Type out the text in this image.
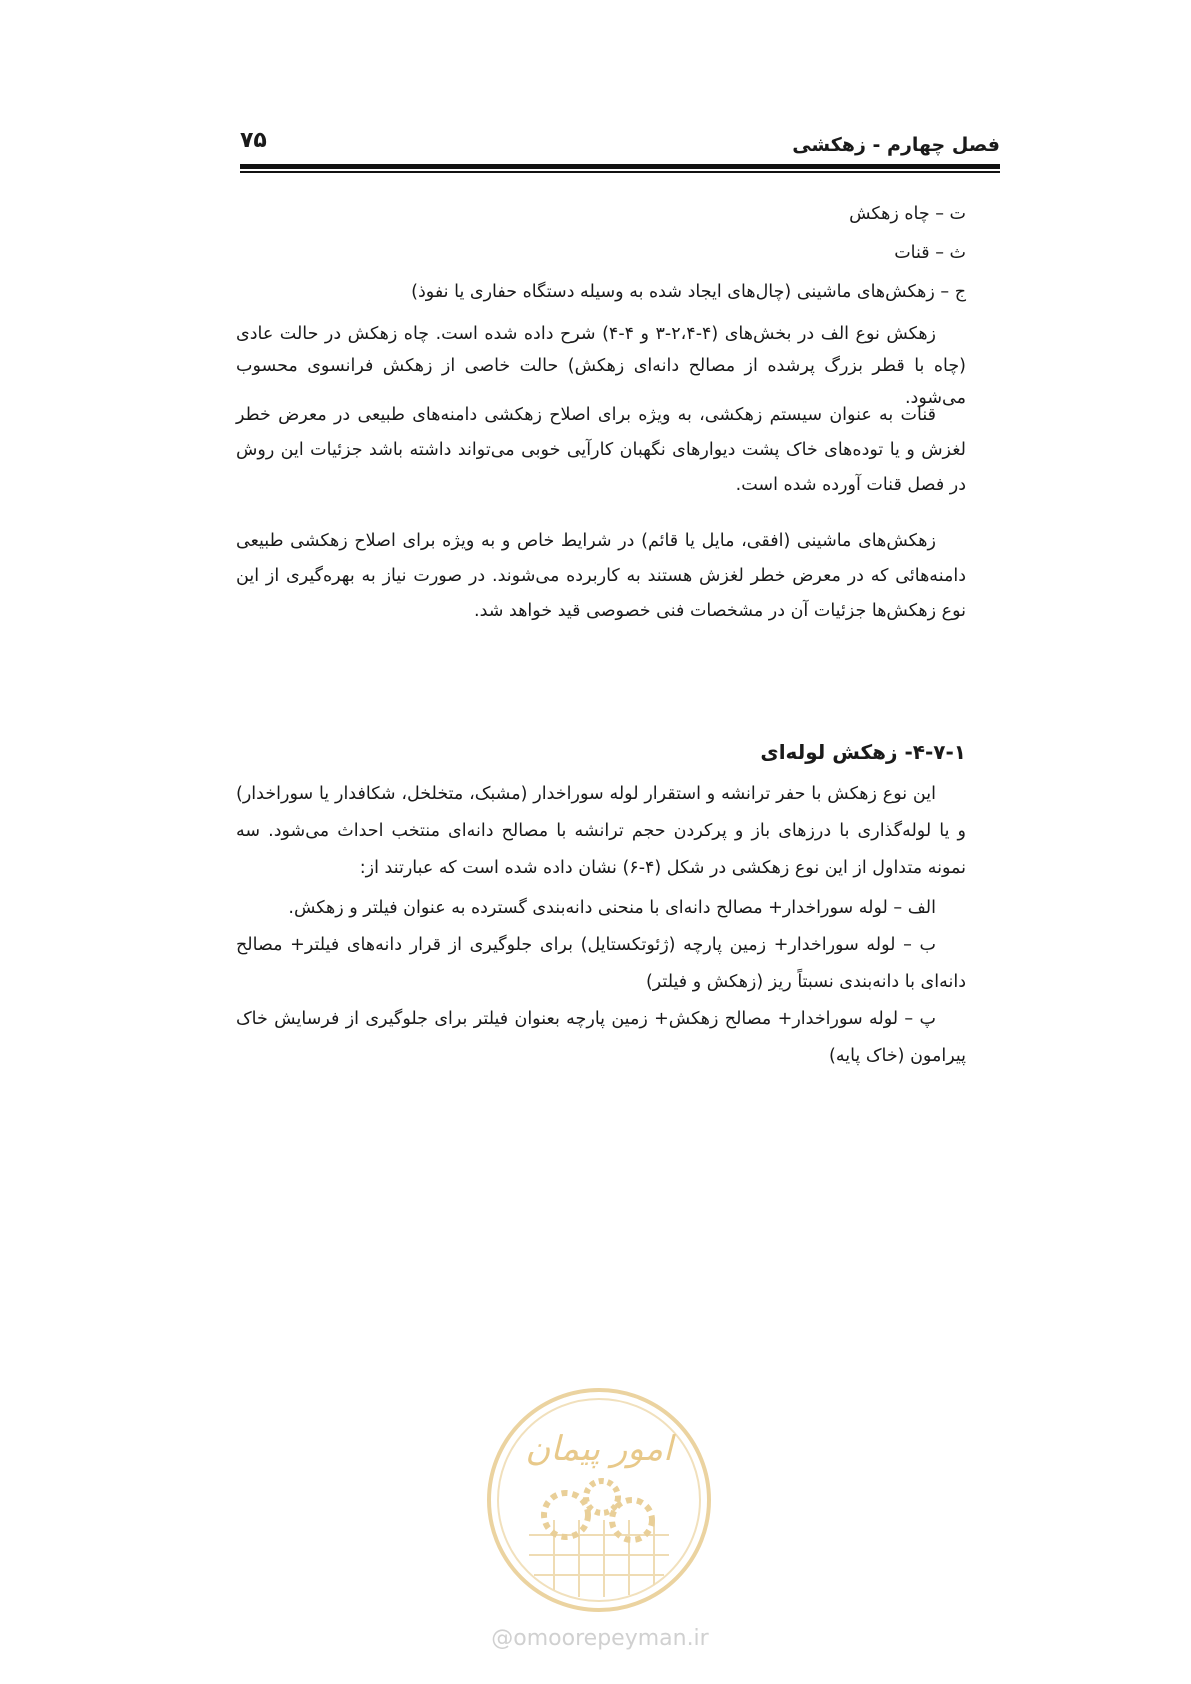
۷۵	فصل چهارم - زهکشی
ت – چاه زهکش
ث – قنات
ج – زهکش‌های ماشینی (چال‌های ایجاد شده به وسیله دستگاه حفاری یا نفوذ)

زهکش نوع الف در بخش‌های (۴-۲،۴-۳ و ۴-۴) شرح داده شده است. چاه زهکش در حالت عادی (چاه با قطر بزرگ پرشده از مصالح دانه‌ای زهکش) حالت خاصی از زهکش فرانسوی محسوب می‌شود.

قنات به عنوان سیستم زهکشی، به ویژه برای اصلاح زهکشی دامنه‌های طبیعی در معرض خطر لغزش و یا توده‌های خاک پشت دیوارهای نگهبان کارآیی خوبی می‌تواند داشته باشد جزئیات این روش در فصل قنات آورده شده است.

زهکش‌های ماشینی (افقی، مایل یا قائم) در شرایط خاص و به ویژه برای اصلاح زهکشی طبیعی دامنه‌هائی که در معرض خطر لغزش هستند به کاربرده می‌شوند. در صورت نیاز به بهره‌گیری از این نوع زهکش‌ها جزئیات آن در مشخصات فنی خصوصی قید خواهد شد.

۴-۷-۱- زهکش لوله‌ای

این نوع زهکش با حفر ترانشه و استقرار لوله سوراخدار (مشبک، متخلخل، شکافدار یا سوراخدار) و یا لوله‌گذاری با درزهای باز و پرکردن حجم ترانشه با مصالح دانه‌ای منتخب احداث می‌شود. سه نمونه متداول از این نوع زهکشی در شکل (۴-۶) نشان داده شده است که عبارتند از:

الف – لوله سوراخدار+ مصالح دانه‌ای با منحنی دانه‌بندی گسترده به عنوان فیلتر و زهکش.

ب – لوله سوراخدار+ زمین پارچه (ژئوتکستایل) برای جلوگیری از قرار دانه‌های فیلتر+ مصالح دانه‌ای با دانه‌بندی نسبتاً ریز (زهکش و فیلتر)

پ – لوله سوراخدار+ مصالح زهکش+ زمین پارچه بعنوان فیلتر برای جلوگیری از فرسایش خاک پیرامون (خاک پایه)

امور پیمان
@omoorepeyman.ir
